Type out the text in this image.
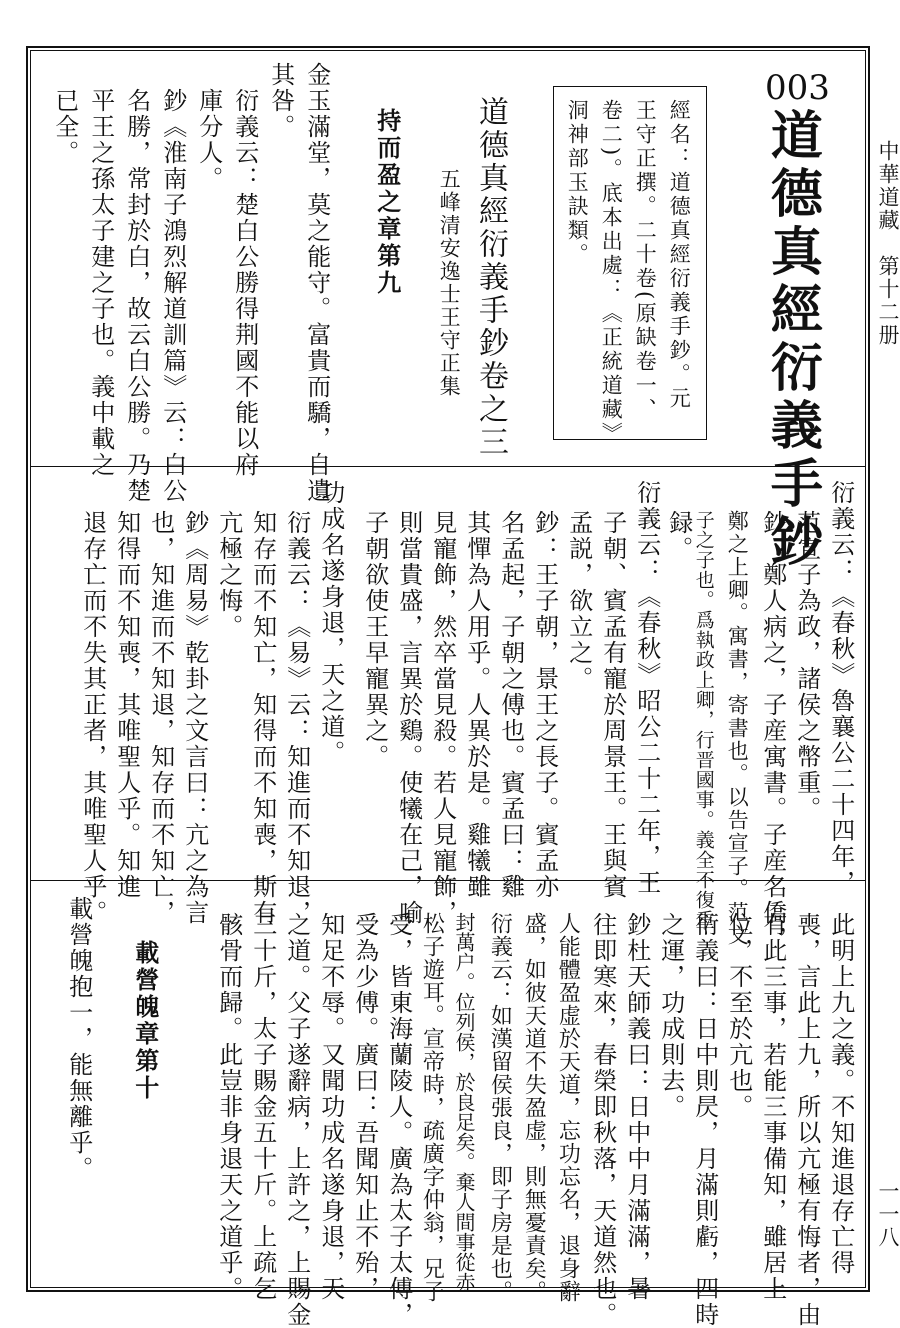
中華道藏　第十二册
一一八
003
道德真經衍義手鈔
經名：道德真經衍義手鈔。元
王守正撰。二十卷(原缺卷一、
卷二)。底本出處：《正統道藏》
洞神部玉訣類。
道德真經衍義手鈔卷之三
五峰清安逸士王守正集
持而盈之章第九
金玉滿堂，莫之能守。富貴而驕，自遺
其咎。
衍義云：楚白公勝得荆國不能以府
庫分人。
鈔《淮南子鴻烈解道訓篇》云：白公
名勝，常封於白，故云白公勝。乃楚
平王之孫太子建之子也。義中載之
已全。
衍義云：《春秋》魯襄公二十四年，
范宣子為政，諸侯之幣重。
鈔：鄭人病之，子産寓書。子産名僑，
鄭之上卿。寓書，寄書也。以告宣子。范文
子之子也。爲執政上卿，行晋國事。義全不復重
録。
衍義云：《春秋》昭公二十二年，王
子朝、賓孟有寵於周景王。王與賓
孟説，欲立之。
鈔：王子朝，景王之長子。賓孟亦
名孟起，子朝之傅也。賓孟曰：雞
其憚為人用乎。人異於是。雞犧雖
見寵飾，然卒當見殺。若人見寵飾，
則當貴盛，言異於鷄。使犧在己，喻
子朝欲使王早寵異之。
功成名遂身退，天之道。
衍義云：《易》云：知進而不知退，
知存而不知亡，知得而不知喪，斯有
亢極之悔。
鈔《周易》乾卦之文言曰：亢之為言
也，知進而不知退，知存而不知亡，
知得而不知喪，其唯聖人乎。知進
退存亡而不失其正者，其唯聖人乎。
此明上九之義。不知進退存亡得
喪，言此上九，所以亢極有悔者，由
有此三事，若能三事備知，雖居上
位，不至於亢也。
衍義曰：日中則昃，月滿則虧，四時
之運，功成則去。
鈔杜天師義曰：日中中月滿滿，暑
往即寒來，春榮即秋落，天道然也。
人能體盈虚於天道，忘功忘名，退身辭
盛，如彼天道不失盈虚，則無憂責矣。
衍義云：如漢留侯張良，即子房是也。
封萬户。位列侯，於良足矣。棄人間事從赤
松子遊耳。宣帝時，疏廣字仲翁，兄子
受，皆東海蘭陵人。廣為太子太傅，
受為少傅。廣曰：吾聞知止不殆，
知足不辱。又聞功成名遂身退，天
之道。父子遂辭病，上許之，上賜金
三十斤，太子賜金五十斤。上疏乞
骸骨而歸。此豈非身退天之道乎。
載營魄章第十
載營魄抱一，能無離乎。
